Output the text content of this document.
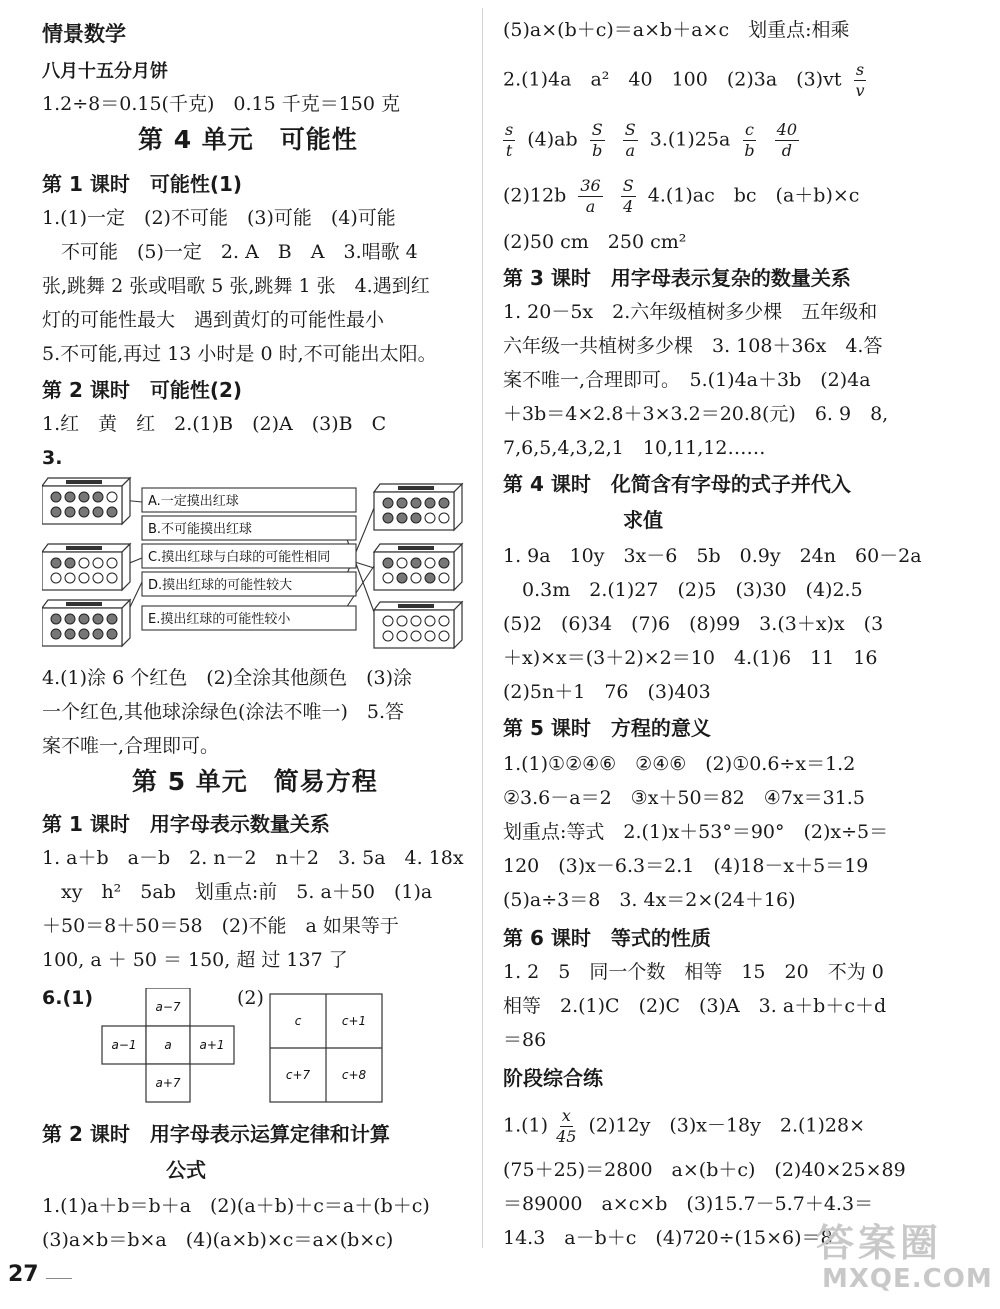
情景数学
八月十五分月饼
1.2÷8＝0.15(千克)　0.15 千克＝150 克
第 4 单元　可能性
第 1 课时　可能性(1)
1.(1)一定　(2)不可能　(3)可能　(4)可能
　不可能　(5)一定　2. A　B　A　3.唱歌 4
张,跳舞 2 张或唱歌 5 张,跳舞 1 张　4.遇到红
灯的可能性最大　遇到黄灯的可能性最小
5.不可能,再过 13 小时是 0 时,不可能出太阳。
第 2 课时　可能性(2)
1.红　黄　红　2.(1)B　(2)A　(3)B　C
3.
A.一定摸出红球
B.不可能摸出红球
C.摸出红球与白球的可能性相同
D.摸出红球的可能性较大
E.摸出红球的可能性较小
4.(1)涂 6 个红色　(2)全涂其他颜色　(3)涂
一个红色,其他球涂绿色(涂法不唯一)　5.答
案不唯一,合理即可。
第 5 单元　简易方程
第 1 课时　用字母表示数量关系
1. a＋b　a－b　2. n－2　n＋2　3. 5a　4. 18x
　xy　h²　5ab　划重点:前　5. a＋50　(1)a
＋50＝8＋50＝58　(2)不能　a 如果等于
100, a ＋ 50 ＝ 150, 超 过 137 了
6.(1)	(2)
a−7
a−1 a a+1
a+7
c	c+1
c+7	c+8
第 2 课时　用字母表示运算定律和计算
公式
1.(1)a＋b＝b＋a　(2)(a＋b)＋c＝a＋(b＋c)
(3)a×b＝b×a　(4)(a×b)×c＝a×(b×c)
(5)a×(b＋c)＝a×b＋a×c　划重点:相乘
2.(1)4a　a²　40　100　(2)3a　$(3)vt \frac{s}{v}$
$\frac{s}{t} (4)ab \frac{S}{b}$
$\frac{S}{a} 3.(1)25a \frac{c}{b}$
$\frac{40}{d}$
$(2)12b \frac{36}{a}$
$\frac{S}{4} 4.(1)ac$　bc　(a＋b)×c
(2)50 cm　250 cm²
第 3 课时　用字母表示复杂的数量关系
1. 20－5x　2.六年级植树多少棵　五年级和
六年级一共植树多少棵　3. 108＋36x　4.答
案不唯一,合理即可。　5.(1)4a＋3b　(2)4a
＋3b＝4×2.8＋3×3.2＝20.8(元)　6. 9　8,
7,6,5,4,3,2,1　10,11,12……
第 4 课时　化简含有字母的式子并代入
求值
1. 9a　10y　3x－6　5b　0.9y　24n　60－2a
　0.3m　2.(1)27　(2)5　(3)30　(4)2.5
(5)2　(6)34　(7)6　(8)99　3.(3＋x)x　(3
＋x)×x＝(3＋2)×2＝10　4.(1)6　11　16
(2)5n＋1　76　(3)403
第 5 课时　方程的意义
1.(1)①②④⑥　②④⑥　(2)①0.6÷x＝1.2
②3.6－a＝2　③x＋50＝82　④7x＝31.5
划重点:等式　2.(1)x＋53°＝90°　(2)x÷5＝
120　(3)x－6.3＝2.1　(4)18－x＋5＝19
(5)a÷3＝8　3. 4x＝2×(24＋16)
第 6 课时　等式的性质
1. 2　5　同一个数　相等　15　20　不为 0
相等　2.(1)C　(2)C　(3)A　3. a＋b＋c＋d
＝86
阶段综合练
$1.(1) \frac{x}{45} (2)12y$　(3)x－18y　2.(1)28×
(75＋25)＝2800　a×(b＋c)　(2)40×25×89
＝89000　a×c×b　(3)15.7－5.7＋4.3＝
14.3　a－b＋c　(4)720÷(15×6)＝8
27
答案圈
MXQE.COM
